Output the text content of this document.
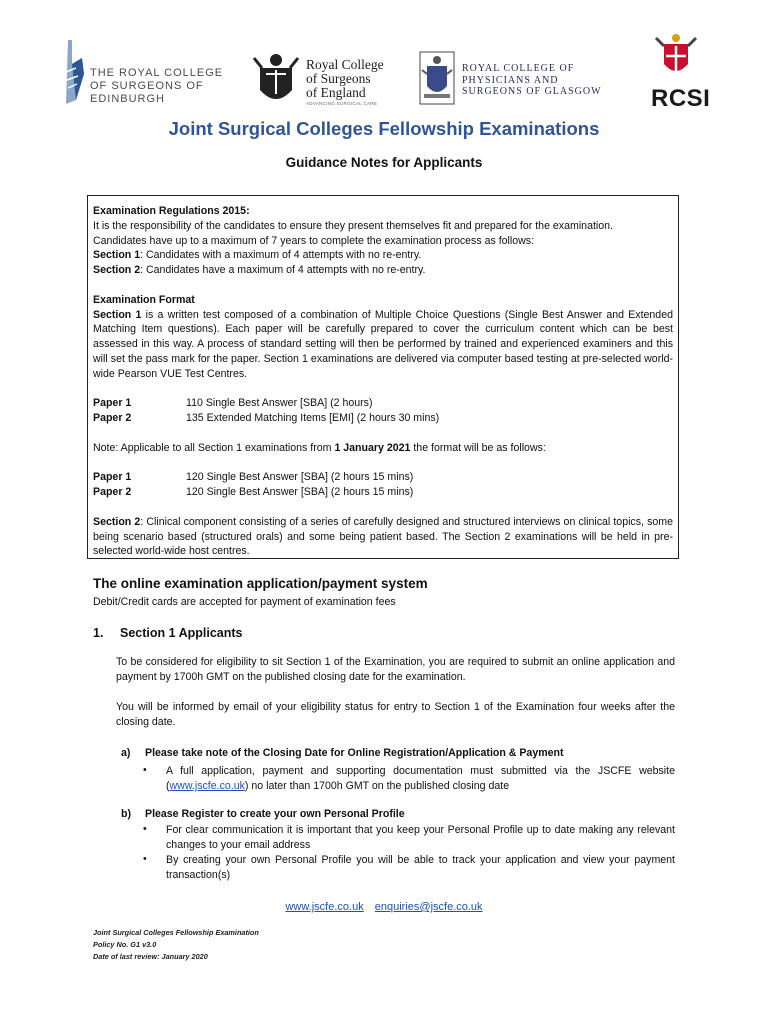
THE ROYAL COLLEGE
OF SURGEONS OF
EDINBURGH
Royal College
of Surgeons
of England
ADVANCING SURGICAL CARE
ROYAL COLLEGE OF
PHYSICIANS AND
SURGEONS OF GLASGOW RCSI
Joint Surgical Colleges Fellowship Examinations
Guidance Notes for Applicants

Examination Regulations 2015:

It is the responsibility of the candidates to ensure they present themselves fit and prepared for the examination.

Candidates have up to a maximum of 7 years to complete the examination process as follows:

Section 1: Candidates with a maximum of 4 attempts with no re-entry.

Section 2: Candidates have a maximum of 4 attempts with no re-entry.

Examination Format

Section 1 is a written test composed of a combination of Multiple Choice Questions (Single Best Answer and Extended Matching Item questions). Each paper will be carefully prepared to cover the curriculum content which can be best assessed in this way. A process of standard setting will then be performed by trained and experienced examiners and this will set the pass mark for the paper. Section 1 examinations are delivered via computer based testing at pre-selected world-wide Pearson VUE Test Centres.

Paper 1	110 Single Best Answer [SBA] (2 hours)
Paper 2	135 Extended Matching Items [EMI] (2 hours 30 mins)

Note: Applicable to all Section 1 examinations from 1 January 2021 the format will be as follows:

Paper 1	120 Single Best Answer [SBA] (2 hours 15 mins)
Paper 2	120 Single Best Answer [SBA] (2 hours 15 mins)

Section 2: Clinical component consisting of a series of carefully designed and structured interviews on clinical topics, some being scenario based (structured orals) and some being patient based. The Section 2 examinations will be held in pre-selected world-wide host centres.

The online examination application/payment system
Debit/Credit cards are accepted for payment of examination fees
1. Section 1 Applicants
To be considered for eligibility to sit Section 1 of the Examination, you are required to submit an online application and payment by 1700h GMT on the published closing date for the examination.
You will be informed by email of your eligibility status for entry to Section 1 of the Examination four weeks after the closing date.
a) Please take note of the Closing Date for Online Registration/Application & Payment
• A full application, payment and supporting documentation must submitted via the JSCFE website (www.jscfe.co.uk) no later than 1700h GMT on the published closing date
b) Please Register to create your own Personal Profile
• For clear communication it is important that you keep your Personal Profile up to date making any relevant changes to your email address
• By creating your own Personal Profile you will be able to track your application and view your payment transaction(s)
www.jscfe.co.uk enquiries@jscfe.co.uk
Joint Surgical Colleges Fellowship Examination
Policy No. G1 v3.0
Date of last review: January 2020
